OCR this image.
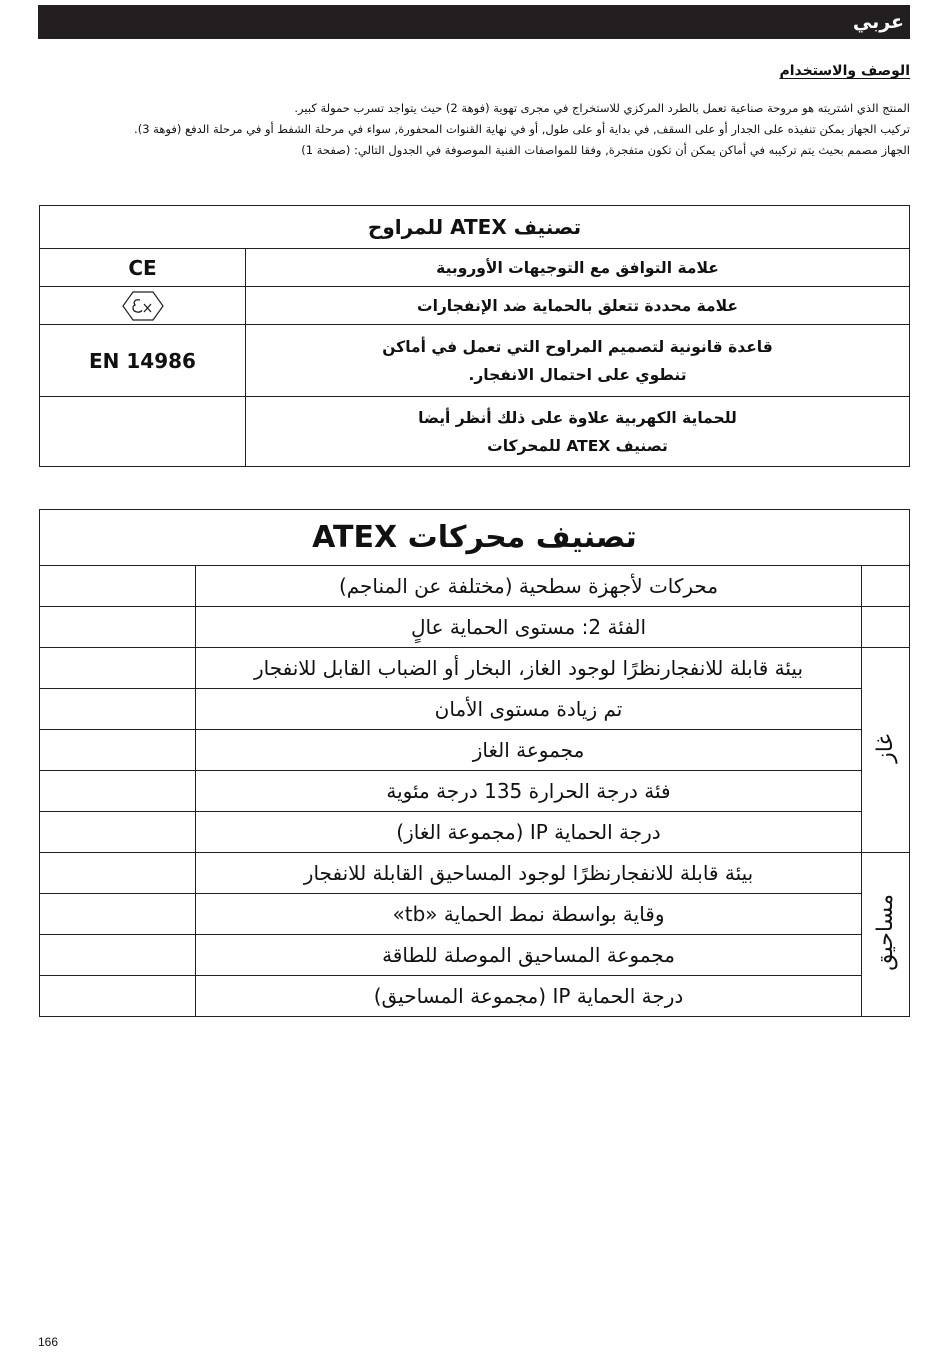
عربي
الوصف والاستخدام

المنتج الذي اشتريته هو مروحة صناعية تعمل بالطرد المركزي للاستخراج في مجرى تهوية (فوهة 2) حيث يتواجد تسرب حمولة كبير.

تركيب الجهاز يمكن تنفيذه على الجدار أو على السقف, في بداية أو على طول, أو في نهاية القنوات المحفورة, سواء في مرحلة الشفط أو في مرحلة الدفع (فوهة 3).

الجهاز مصمم بحيث يتم تركيبه في أماكن يمكن أن تكون متفجرة, وفقا للمواصفات الفنية الموصوفة في الجدول التالي: (صفحة 1)

تصنيف ATEX للمراوح	
علامة التوافق مع التوجيهات الأوروبية	CE
علامة محددة تتعلق بالحماية ضد الإنفجارات	

قاعدة قانونية لتصميم المراوح التي تعمل في أماكن
تنطوي على احتمال الانفجار.	EN 14986

للحماية الكهربية علاوة على ذلك أنظر أيضا
تصنيف ATEX للمحركات	

تصنيف محركات ATEX		
	محركات لأجهزة سطحية (مختلفة عن المناجم)	
	الفئة 2: مستوى الحماية عالٍ	
غاز	بيئة قابلة للانفجارنظرًا لوجود الغاز، البخار أو الضباب القابل للانفجار	
	تم زيادة مستوى الأمان	
	مجموعة الغاز	
	فئة درجة الحرارة 135 درجة مئوية	
	درجة الحماية IP (مجموعة الغاز)	
مساحيق	بيئة قابلة للانفجارنظرًا لوجود المساحيق القابلة للانفجار	
	وقاية بواسطة نمط الحماية «tb»	
	مجموعة المساحيق الموصلة للطاقة	
	درجة الحماية IP (مجموعة المساحيق)	
166
